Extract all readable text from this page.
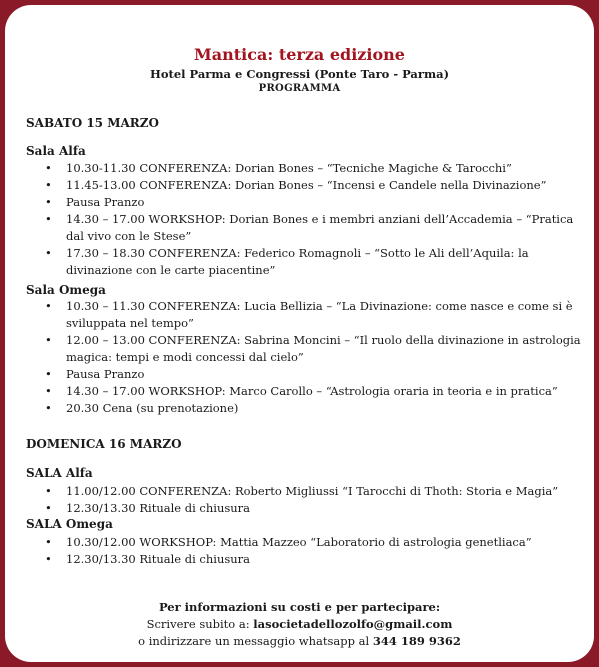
Mantica: terza edizione
Hotel Parma e Congressi (Ponte Taro - Parma)
PROGRAMMA
SABATO 15 MARZO
Sala Alfa
• 10.30-11.30 CONFERENZA: Dorian Bones – “Tecniche Magiche & Tarocchi”
• 11.45-13.00 CONFERENZA: Dorian Bones – “Incensi e Candele nella Divinazione”
• Pausa Pranzo
• 14.30 – 17.00 WORKSHOP: Dorian Bones e i membri anziani dell’Accademia – “Pratica dal vivo con le Stese”
• 17.30 – 18.30 CONFERENZA: Federico Romagnoli – “Sotto le Ali dell’Aquila: la divinazione con le carte piacentine”
Sala Omega
• 10.30 – 11.30 CONFERENZA: Lucia Bellizia – “La Divinazione: come nasce e come si è sviluppata nel tempo”
• 12.00 – 13.00 CONFERENZA: Sabrina Moncini – “Il ruolo della divinazione in astrologia magica: tempi e modi concessi dal cielo”
• Pausa Pranzo
• 14.30 – 17.00 WORKSHOP: Marco Carollo – “Astrologia oraria in teoria e in pratica”
• 20.30 Cena (su prenotazione)
DOMENICA 16 MARZO
SALA Alfa
• 11.00/12.00 CONFERENZA: Roberto Migliussi “I Tarocchi di Thoth: Storia e Magia”
• 12.30/13.30 Rituale di chiusura
SALA Omega
• 10.30/12.00 WORKSHOP: Mattia Mazzeo “Laboratorio di astrologia genetliaca”
• 12.30/13.30 Rituale di chiusura
Per informazioni su costi e per partecipare:
Scrivere subito a: lasocietadellozolfo@gmail.com
o indirizzare un messaggio whatsapp al 344 189 9362
